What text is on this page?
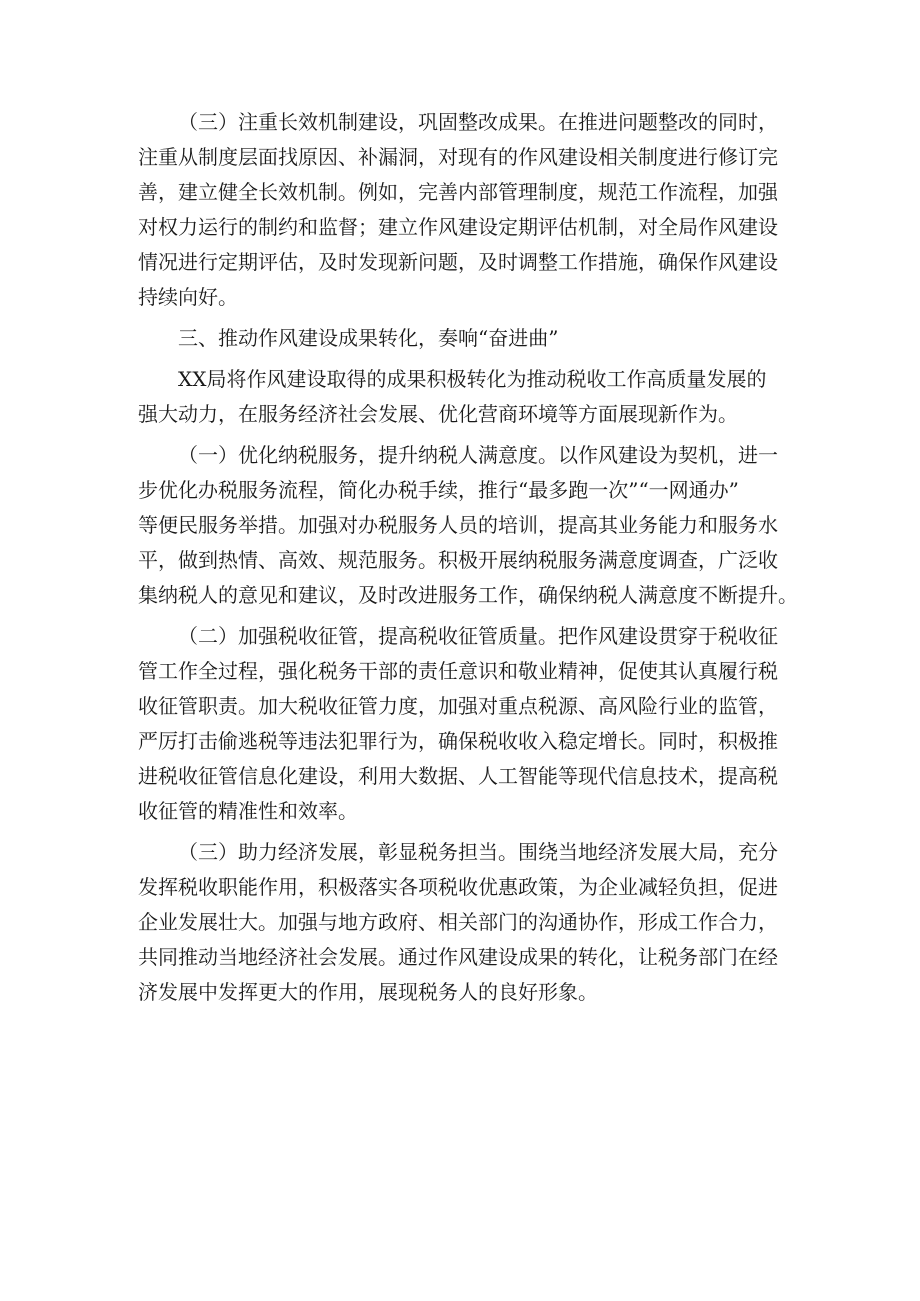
（三）注重长效机制建设，巩固整改成果。在推进问题整改的同时，
注重从制度层面找原因、补漏洞，对现有的作风建设相关制度进行修订完
善，建立健全长效机制。例如，完善内部管理制度，规范工作流程，加强
对权力运行的制约和监督；建立作风建设定期评估机制，对全局作风建设
情况进行定期评估，及时发现新问题，及时调整工作措施，确保作风建设
持续向好。

三、推动作风建设成果转化，奏响“奋进曲”

XX局将作风建设取得的成果积极转化为推动税收工作高质量发展的
强大动力，在服务经济社会发展、优化营商环境等方面展现新作为。

（一）优化纳税服务，提升纳税人满意度。以作风建设为契机，进一
步优化办税服务流程，简化办税手续，推行“最多跑一次”“一网通办”
等便民服务举措。加强对办税服务人员的培训，提高其业务能力和服务水
平，做到热情、高效、规范服务。积极开展纳税服务满意度调查，广泛收
集纳税人的意见和建议，及时改进服务工作，确保纳税人满意度不断提升。

（二）加强税收征管，提高税收征管质量。把作风建设贯穿于税收征
管工作全过程，强化税务干部的责任意识和敬业精神，促使其认真履行税
收征管职责。加大税收征管力度，加强对重点税源、高风险行业的监管，
严厉打击偷逃税等违法犯罪行为，确保税收收入稳定增长。同时，积极推
进税收征管信息化建设，利用大数据、人工智能等现代信息技术，提高税
收征管的精准性和效率。

（三）助力经济发展，彰显税务担当。围绕当地经济发展大局，充分
发挥税收职能作用，积极落实各项税收优惠政策，为企业减轻负担，促进
企业发展壮大。加强与地方政府、相关部门的沟通协作，形成工作合力，
共同推动当地经济社会发展。通过作风建设成果的转化，让税务部门在经
济发展中发挥更大的作用，展现税务人的良好形象。
